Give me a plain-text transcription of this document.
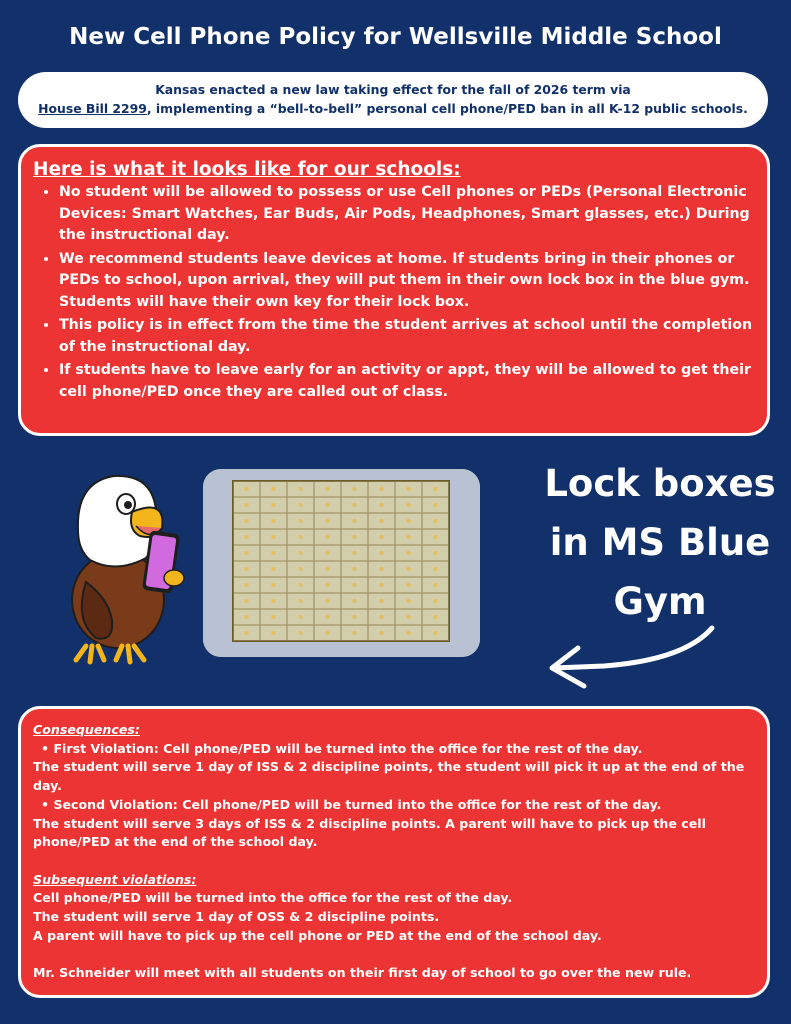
New Cell Phone Policy for Wellsville Middle School
Kansas enacted a new law taking effect for the fall of 2026 term via
House Bill 2299, implementing a “bell-to-bell” personal cell phone/PED ban in all K-12 public schools.
Here is what it looks like for our schools:
• No student will be allowed to possess or use Cell phones or PEDs (Personal Electronic Devices: Smart Watches, Ear Buds, Air Pods, Headphones, Smart glasses, etc.) During the instructional day.
• We recommend students leave devices at home. If students bring in their phones or PEDs to school, upon arrival, they will put them in their own lock box in the blue gym. Students will have their own key for their lock box.
• This policy is in effect from the time the student arrives at school until the completion of the instructional day.
• If students have to leave early for an activity or appt, they will be allowed to get their cell phone/PED once they are called out of class.
Lock boxes
in MS Blue
Gym

Consequences:

• First Violation: Cell phone/PED will be turned into the office for the rest of the day.

The student will serve 1 day of ISS & 2 discipline points, the student will pick it up at the end of the day.

• Second Violation: Cell phone/PED will be turned into the office for the rest of the day.

The student will serve 3 days of ISS & 2 discipline points. A parent will have to pick up the cell phone/PED at the end of the school day.

Subsequent violations:

Cell phone/PED will be turned into the office for the rest of the day.

The student will serve 1 day of OSS & 2 discipline points.

A parent will have to pick up the cell phone or PED at the end of the school day.

Mr. Schneider will meet with all students on their first day of school to go over the new rule.
